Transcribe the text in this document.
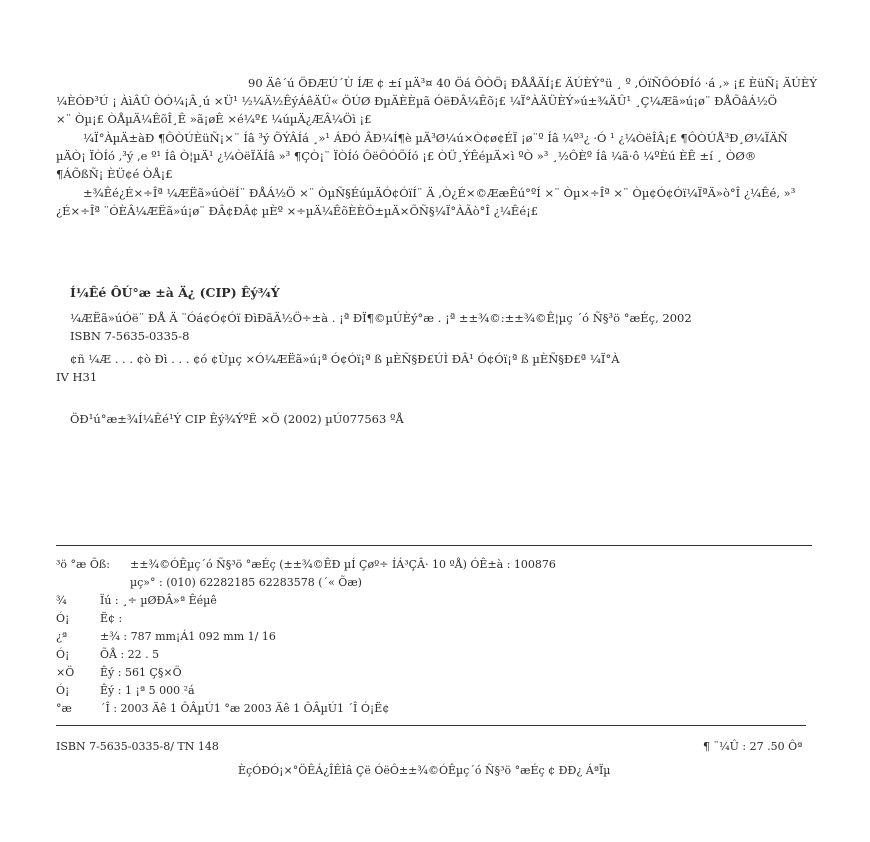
90 Äê´ú ÖÐÆÚ´Ù ÍÆ ¢ ±í µÄ³¤ 40 Öá ÔÒÖ¡ ÐÅÅÄÍ¡£ ÄÚÈÝ°ü ¸ º ,ÓïÑÔÓÐÍó ·á ,» ¡£ ÈüÑ¡ ÄÚÈÝ
¼ÈÓÐ³Ú ¡ ÀìÂÛ ÒÓ¼¡Â¸ú ×Ü¹ ½¼Ä½ÊýÁêÄÜ« ÖÚØ ÐµÄÈÈµã ÓëÐÂ¼Êõ¡£ ¼Ï°ÀÄÜÈÝ»ú±¾ÄÛ¹ ¸Ç¼Æã»ú¡ø¨ ÐÅÕâÁ½Ö
×¨ Òµ¡£ ÒÅµÄ¼ÊõÎ¸Ê »ã¡øÊ ×é¼º£ ¼úµÄ¿ÆÂ¼Öì ¡£
¼Ï°ÀµÄ±àÐ ¶ÔÒÚÈüÑ¡×¨ Íâ ³ý ÕÝÂÍá ¸»¹ ÁÐÓ ÂÐ¼Í¶è µÄ³Ø¼ú×Ò¢ø¢ÉÏ ¡ø¨º Íâ ¼º³¿ ·Ó ¹ ¿¼ÒëÎÂ¡£ ¶ÔÒÚÅ³Ð¸Ø¼ÏÄÑ
µÄÒ¡ ÏÒÍó ,³ý ,e º¹ Íâ Ò¦µÄ¹ ¿¼ÒëÏÄÍâ »³ ¶ÇÒ¡¨ ÏÒÍó ÔëÔÓÕÍó ¡£ ÒÜ¸ÝÊéµÄ×ì ºÒ »³ ¸½ÔÈº Íâ ¼ã·ô ¼ºÈú ÈÊ ±í ¸ ÒØ®
¶ÁÕßÑ¡ ÈÜ¢é ÒÅ¡£
±¾Êé¿É×÷Îª ¼ÆËã»úÒëÍ¨ ÐÅÁ½Ö ×¨ ÒµÑ§ÉúµÄÓ¢ÓïÍ¨ Ä ,Ò¿É×©ÆæÊú°ºÍ ×¨ Òµ×÷Îª ×¨ Òµ¢Ó¢Óï¼ÏªÄ»ò°Î ¿¼Êé, »³
¿É×÷Îª ¨ÓÈÂ¼ÆËã»ú¡ø¨ ÐÂ¢ÐÂ¢ µÈº ×÷µÄ¼ÊõÈÈÖ±µÄ×ÕÑ§¼Ï°ÀÃò°Î ¿¼Êé¡£
Í¼Êé ÔÚ°æ ±à Ä¿ (CIP) Êý¾Ý
¼ÆËã»úÓë¨ ÐÅ Ä ¨Óá¢Ó¢Óï ÐìÐãÄ½Ö÷±à . ¡ª ÐÏ¶©µÚÈý°æ . ¡ª ±±¾©:±±¾©Ê¦µç ´ó Ñ§³ö °æÉç, 2002
ISBN 7-5635-0335-8
¢ñ ¼Æ . . . ¢ò Ðì . . . ¢ó ¢Ùµç ×Ó¼ÆËã»ú¡ª Ó¢Óï¡ª ß µÈÑ§Ð£ÚÌ ÐÂ¹ Ó¢Óï¡ª ß µÈÑ§Ð£ª ¼Ï°À
IV H31
ÖÐ¹ú°æ±¾Í¼Êé¹Ý CIP Êý¾ÝºË ×Ö (2002) µÚ077563 ºÅ
³ö °æ Õß: ±±¾©ÓÊµç´ó Ñ§³ö °æÉç (±±¾©ÊÐ µÍ Çøº÷ ÍÁ³ÇÂ· 10 ºÅ) ÓÊ±à : 100876
µç»° : (010) 62282185 62283578 (´« Õæ)
¾	Ïú : ¸÷ µØÐÂ»ª Êéµê
Ó¡	Ë¢ :
¿ª	±¾ : 787 mm¡Á1 092 mm 1/ 16
Ó¡	ÕÅ : 22 . 5
×Ö Êý : 561 Ç§×Ö
Ó¡	Êý : 1 ¡ª 5 000 ²á
°æ	´Î : 2003 Äê 1 ÔÂµÚ1 °æ 2003 Äê 1 ÔÂµÚ1 ´Î Ó¡Ë¢
ISBN 7-5635-0335-8/ TN 148	¶ ¨¼Û : 27 .50 Ôª
ÈçÓÐÓ¡×°ÖÊÁ¿ÎÊÌâ Çë ÓëÔ±±¾©ÓÊµç´ó Ñ§³ö °æÉç ¢ ÐÐ¿ ÁªÏµ
